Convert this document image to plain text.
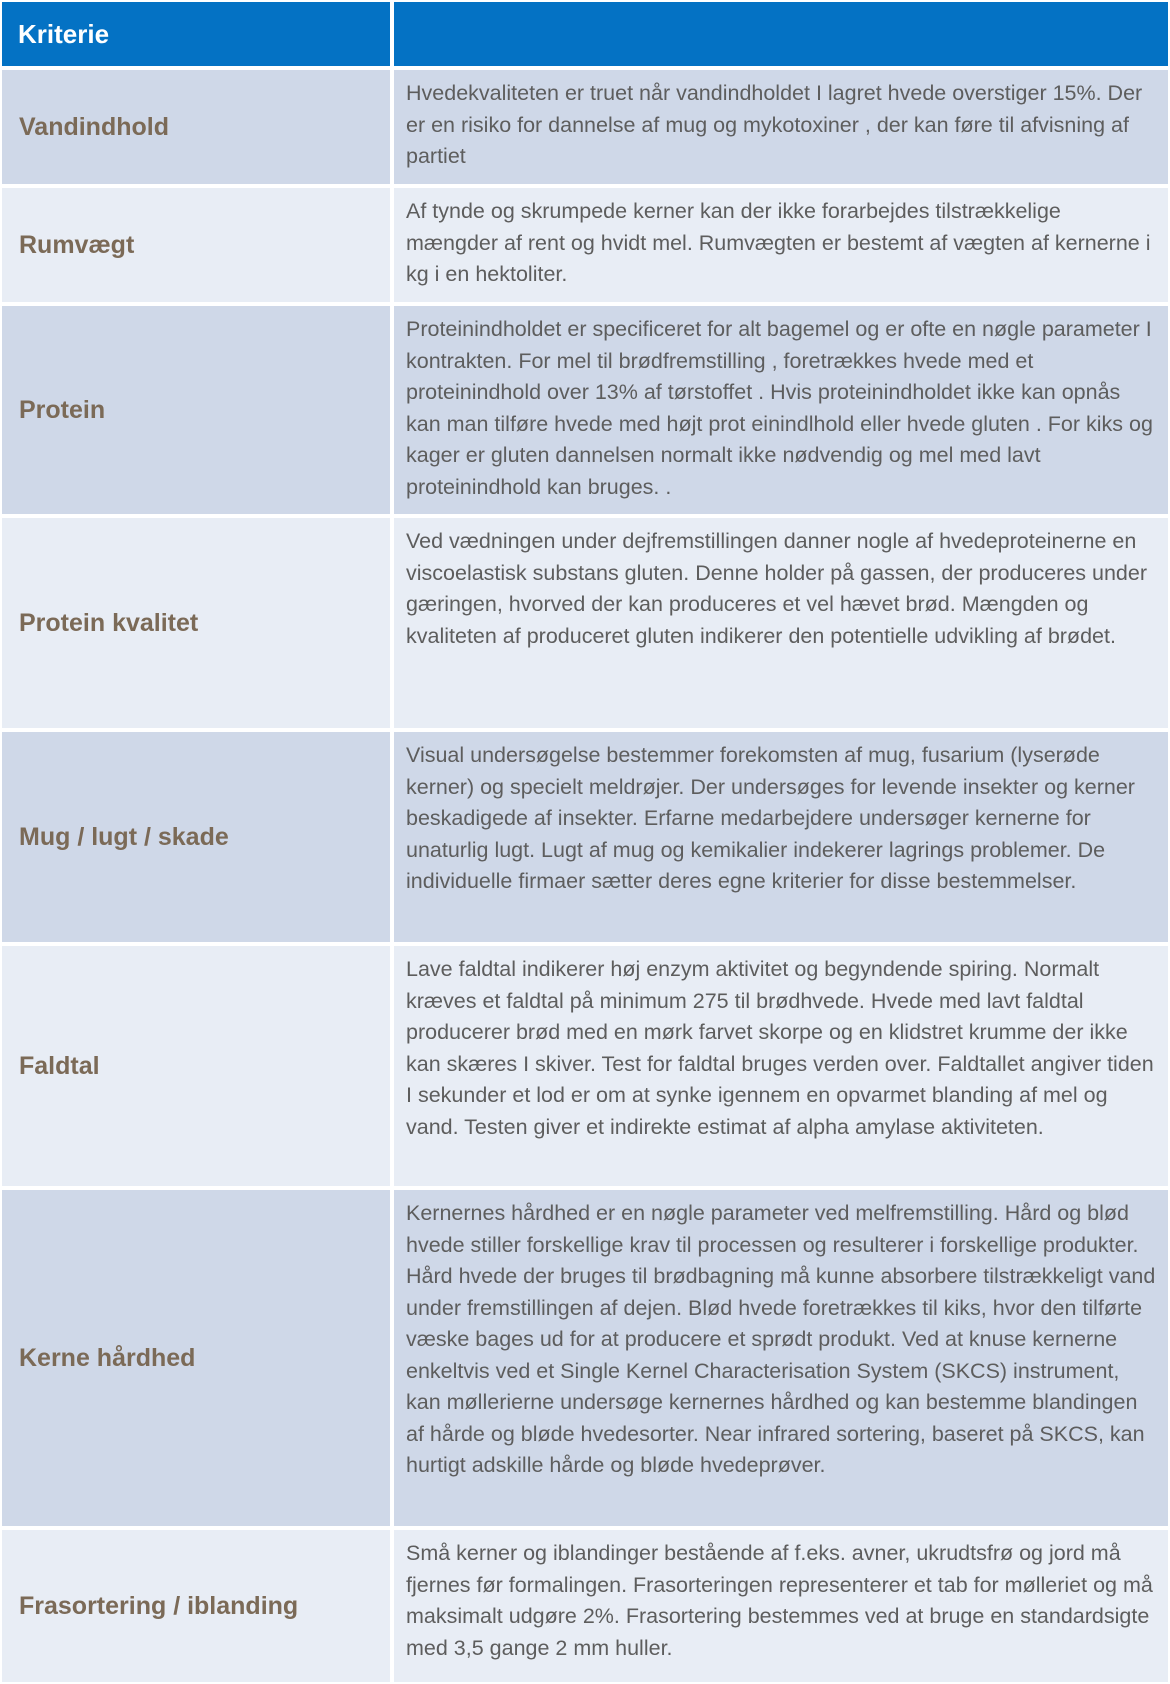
Kriterie
Vandindhold
Hvedekvaliteten er truet når vandindholdet I lagret hvede overstiger 15%. Der er en risiko for dannelse af mug og mykotoxiner , der kan føre til afvisning af partiet
Rumvægt
Af tynde og skrumpede kerner kan der ikke forarbejdes tilstrækkelige mængder af rent og hvidt mel. Rumvægten er bestemt af vægten af kernerne i kg i en hektoliter.
Protein
Proteinindholdet er specificeret for alt bagemel og er ofte en nøgle parameter I kontrakten. For mel til brødfremstilling , foretrækkes hvede med et proteinindhold over 13% af tørstoffet . Hvis proteinindholdet ikke kan opnås kan man tilføre hvede med højt prot einindlhold eller hvede gluten . For kiks og kager er gluten dannelsen normalt ikke nødvendig og mel med lavt proteinindhold kan bruges. .
Protein kvalitet
Ved vædningen under dejfremstillingen danner nogle af hvedeproteinerne en viscoelastisk substans gluten. Denne holder på gassen, der produceres under gæringen, hvorved der kan produceres et vel hævet brød. Mængden og kvaliteten af produceret gluten indikerer den potentielle udvikling af brødet.
Mug / lugt / skade
Visual undersøgelse bestemmer forekomsten af mug, fusarium (lyserøde kerner) og specielt meldrøjer. Der undersøges for levende insekter og kerner beskadigede af insekter. Erfarne medarbejdere undersøger kernerne for unaturlig lugt. Lugt af mug og kemikalier indekerer lagrings problemer. De individuelle firmaer sætter deres egne kriterier for disse bestemmelser.
Faldtal
Lave faldtal indikerer høj enzym aktivitet og begyndende spiring. Normalt kræves et faldtal på minimum 275 til brødhvede. Hvede med lavt faldtal producerer brød med en mørk farvet skorpe og en klidstret krumme der ikke kan skæres I skiver. Test for faldtal bruges verden over. Faldtallet angiver tiden I sekunder et lod er om at synke igennem en opvarmet blanding af mel og vand. Testen giver et indirekte estimat af alpha amylase aktiviteten.
Kerne hårdhed
Kernernes hårdhed er en nøgle parameter ved melfremstilling. Hård og blød hvede stiller forskellige krav til processen og resulterer i forskellige produkter. Hård hvede der bruges til brødbagning må kunne absorbere tilstrækkeligt vand under fremstillingen af dejen. Blød hvede foretrækkes til kiks, hvor den tilførte væske bages ud for at producere et sprødt produkt. Ved at knuse kernerne enkeltvis ved et Single Kernel Characterisation System (SKCS) instrument, kan møllerierne undersøge kernernes hårdhed og kan bestemme blandingen af hårde og bløde hvedesorter. Near infrared sortering, baseret på SKCS, kan hurtigt adskille hårde og bløde hvedeprøver.
Frasortering / iblanding
Små kerner og iblandinger bestående af f.eks. avner, ukrudtsfrø og jord må fjernes før formalingen. Frasorteringen representerer et tab for mølleriet og må maksimalt udgøre 2%. Frasortering bestemmes ved at bruge en standardsigte med 3,5 gange 2 mm huller.
